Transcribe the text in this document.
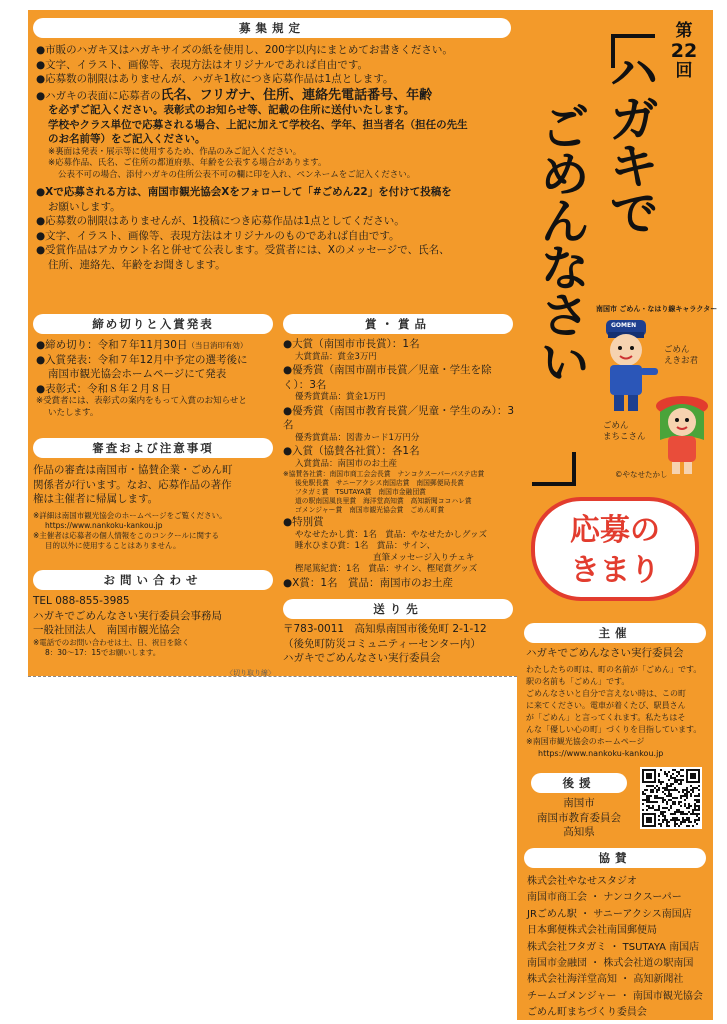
〈切り取り線〉
募集規定

●市販のハガキ又はハガキサイズの紙を使用し、200字以内にまとめてお書きください。

●文字、イラスト、画像等、表現方法はオリジナルであれば自由です。

●応募数の制限はありませんが、ハガキ1枚につき応募作品は1点とします。

●ハガキの表面に応募者の氏名、フリガナ、住所、連絡先電話番号、年齢

を必ずご記入ください。表彰式のお知らせ等、記載の住所に送付いたします。

学校やクラス単位で応募される場合、上記に加えて学校名、学年、担当者名（担任の先生

のお名前等）をご記入ください。

※裏面は発表・展示等に使用するため、作品のみご記入ください。

※応募作品、氏名、ご住所の都道府県、年齢を公表する場合があります。

公表不可の場合、添付ハガキの住所公表不可の欄に印を入れ、ペンネームをご記入ください。

●Xで応募される方は、南国市観光協会Xをフォローして「#ごめん22」を付けて投稿を

お願いします。

●応募数の制限はありませんが、1投稿につき応募作品は1点としてください。

●文字、イラスト、画像等、表現方法はオリジナルのものであれば自由です。

●受賞作品はアカウント名と併せて公表します。受賞者には、Xのメッセージで、氏名、

住所、連絡先、年齢をお聞きします。

締め切りと入賞発表

●締め切り：令和７年11月30日（当日消印有効）

●入賞発表：令和７年12月中予定の選考後に

南国市観光協会ホームページにて発表

●表彰式：令和８年２月８日

※受賞者には、表彰式の案内をもって入賞のお知らせと

いたします。

審査および注意事項

作品の審査は南国市・協賛企業・ごめん町

関係者が行います。なお、応募作品の著作

権は主催者に帰属します。

※詳細は南国市観光協会のホームページをご覧ください。

https://www.nankoku-kankou.jp

※主催者は応募者の個人情報をこのコンクールに関する

目的以外に使用することはありません。

お問い合わせ

TEL 088-855-3985

ハガキでごめんなさい実行委員会事務局

一般社団法人　南国市観光協会

※電話でのお問い合わせは土、日、祝日を除く

8：30〜17：15でお願いします。

賞・賞品

●大賞（南国市市長賞）：1名

大賞賞品：賞金3万円

●優秀賞（南国市副市長賞／児童・学生を除く）：3名

優秀賞賞品：賞金1万円

●優秀賞（南国市教育長賞／児童・学生のみ）：3名

優秀賞賞品：図書カード1万円分

●入賞（協賛各社賞）：各1名

入賞賞品：南国市のお土産

※協賛各社賞：南国市商工会会長賞　ナンコクスーパーパステ店賞

後免駅長賞　サニーアクシス南国店賞　南国郵便局長賞

フタガミ賞　TSUTAYA賞　南国市金融団賞

道の駅南国風良里賞　海洋堂高知賞　高知新聞ココハレ賞

ゴメンジャー賞　南国市観光協会賞　ごめん町賞

●特別賞

やなせたかし賞：1名　賞品：やなせたかしグッズ

睡水ひまひ賞：1名　賞品：サイン、

直筆メッセージ入りチェキ

樫尾篤紀賞：1名　賞品：サイン、樫尾賞グッズ

●X賞：1名　賞品：南国市のお土産

送り先

〒783-0011　高知県南国市後免町 2-1-12

（後免町防災コミュニティーセンター内）

ハガキでごめんなさい実行委員会

第
22
回
ハ
ガ
キ
で
ご
め
ん
な
さ
い
南国市 ごめん・なはり線キャラクター
GOMEN
ごめん
えきお君
ごめん
まちこさん
©やなせたかし
応募の
きまり
主催

ハガキでごめんなさい実行委員会

わたしたちの町は、町の名前が「ごめん」です。

駅の名前も「ごめん」です。

ごめんなさいと自分で言えない時は、この町

に来てください。電車が着くたび、駅員さん

が「ごめん」と言ってくれます。私たちはそ

んな「優しい心の町」づくりを目指しています。

※南国市観光協会のホームページ

https://www.nankoku-kankou.jp

後援

南国市

南国市教育委員会

高知県

協賛

株式会社やなせスタジオ

南国市商工会 ・ ナンコクスーパー

JRごめん駅 ・ サニーアクシス南国店

日本郵便株式会社南国郵便局

株式会社フタガミ ・ TSUTAYA 南国店

南国市金融団 ・ 株式会社道の駅南国

株式会社海洋堂高知 ・ 高知新聞社

チームゴメンジャー ・ 南国市観光協会

ごめん町まちづくり委員会
